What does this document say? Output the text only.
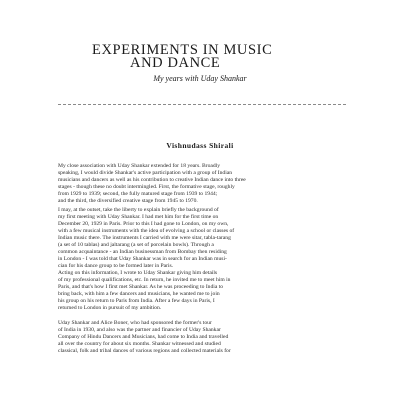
EXPERIMENTS IN MUSIC
AND DANCE

My years with Uday Shankar

Vishnudass Shirali

My close association with Uday Shankar extended for 18 years. Broadly
speaking, I would divide Shankar's active participation with a group of Indian
musicians and dancers as well as his contribution to creative Indian dance into three
stages - though these no doubt intermingled. First, the formative stage, roughly
from 1929 to 1939; second, the fully matured stage from 1939 to 1944;
and the third, the diversified creative stage from 1945 to 1970.

I may, at the outset, take the liberty to explain briefly the background of
my first meeting with Uday Shankar. I had met him for the first time on
December 20, 1929 in Paris. Prior to this I had gone to London, on my own,
with a few musical instruments with the idea of evolving a school or classes of
Indian music there. The instruments I carried with me were sitar, tabla-tarang
(a set of 10 tablas) and jaltarang (a set of porcelain bowls). Through a
common acquaintance - an Indian businessman from Bombay then residing
in London - I was told that Uday Shankar was in search for an Indian musi-
cian for his dance group to be formed later in Paris.

Acting on this information, I wrote to Uday Shankar giving him details
of my professional qualifications, etc. In return, he invited me to meet him in
Paris, and that's how I first met Shankar. As he was proceeding to India to
bring back, with him a few dancers and musicians, he wanted me to join
his group on his return to Paris from India. After a few days in Paris, I
returned to London in pursuit of my ambition.

Uday Shankar and Alice Boner, who had sponsored the former's tour
of India in 1930, and also was the partner and financier of Uday Shankar
Company of Hindu Dancers and Musicians, had come to India and travelled
all over the country for about six months. Shankar witnessed and studied
classical, folk and tribal dances of various regions and collected materials for
